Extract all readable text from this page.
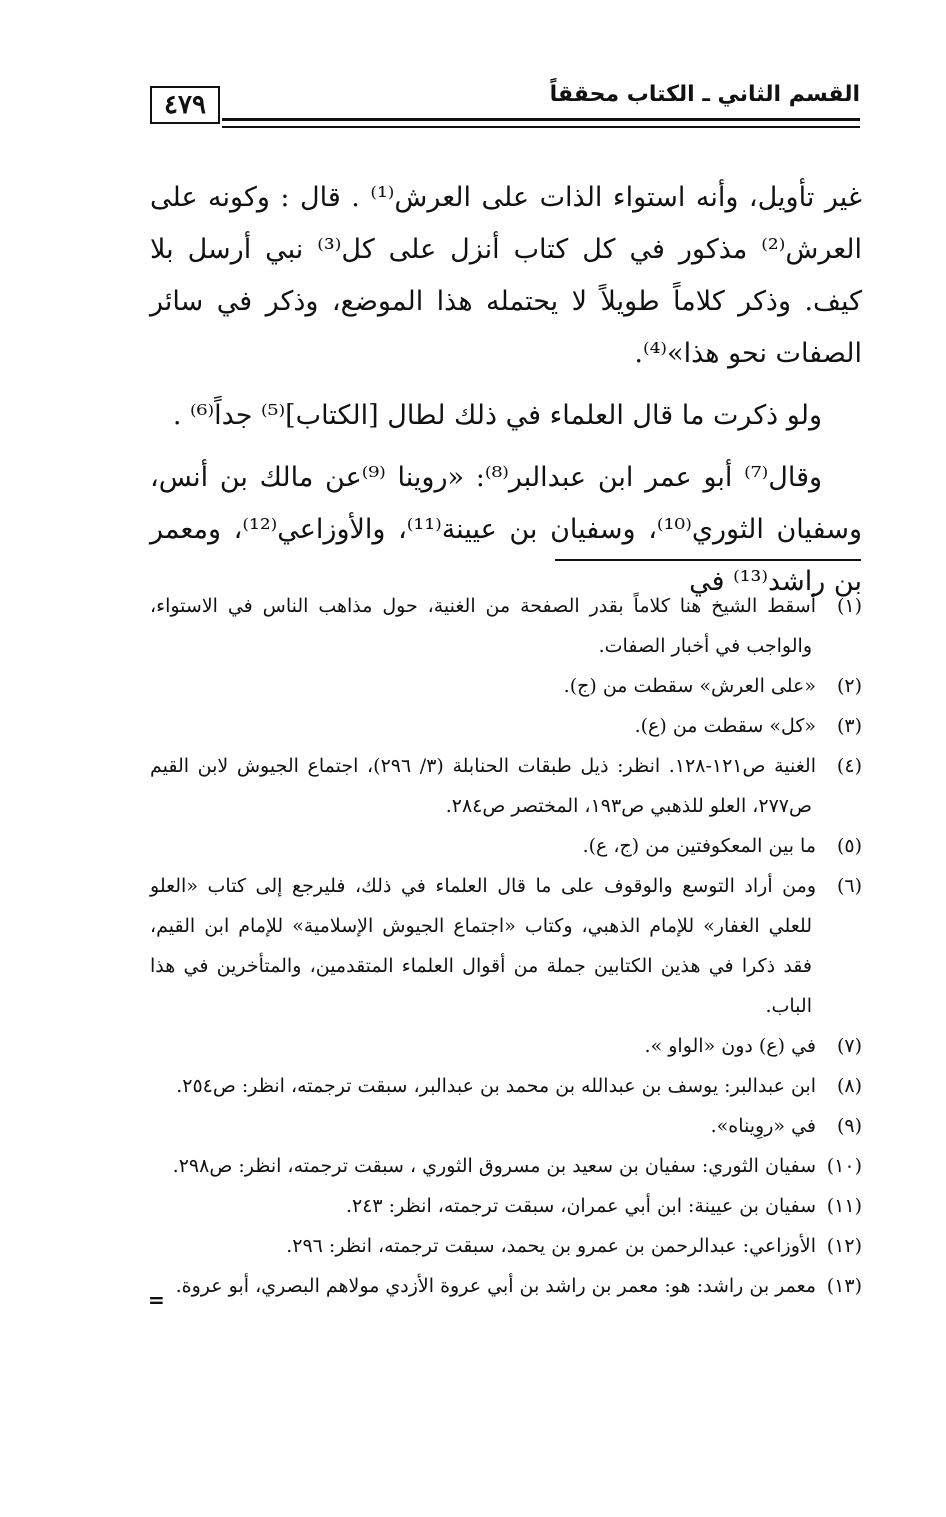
٤٧٩	القسم الثاني ـ الكتاب محققاً

غير تأويل، وأنه استواء الذات على العرش⁽¹⁾ . قال : وكونه على العرش⁽²⁾ مذكور في كل كتاب أنزل على كل⁽³⁾ نبي أرسل بلا كيف. وذكر كلاماً طويلاً لا يحتمله هذا الموضع، وذكر في سائر الصفات نحو هذا»⁽⁴⁾.

ولو ذكرت ما قال العلماء في ذلك لطال [الكتاب]⁽⁵⁾ جداً⁽⁶⁾ .

وقال⁽⁷⁾ أبو عمر ابن عبدالبر⁽⁸⁾: «روينا ⁽⁹⁾عن مالك بن أنس، وسفيان الثوري⁽¹⁰⁾، وسفيان بن عيينة⁽¹¹⁾، والأوزاعي⁽¹²⁾، ومعمر بن راشد⁽¹³⁾ في

(١)أسقط الشيخ هنا كلاماً بقدر الصفحة من الغنية، حول مذاهب الناس في الاستواء، والواجب في أخبار الصفات.

(٢)«على العرش» سقطت من (ج).

(٣)«كل» سقطت من (ع).

(٤)الغنية ص١٢١-١٢٨. انظر: ذيل طبقات الحنابلة (٣/ ٢٩٦)، اجتماع الجيوش لابن القيم ص٢٧٧، العلو للذهبي ص١٩٣، المختصر ص٢٨٤.

(٥)ما بين المعكوفتين من (ج، ع).

(٦)ومن أراد التوسع والوقوف على ما قال العلماء في ذلك، فليرجع إلى كتاب «العلو للعلي الغفار» للإمام الذهبي، وكتاب «اجتماع الجيوش الإسلامية» للإمام ابن القيم، فقد ذكرا في هذين الكتابين جملة من أقوال العلماء المتقدمين، والمتأخرين في هذا الباب.

(٧)في (ع) دون «الواو ».

(٨)ابن عبدالبر: يوسف بن عبدالله بن محمد بن عبدالبر، سبقت ترجمته، انظر: ص٢٥٤.

(٩)في «روِيناه».

(١٠)سفيان الثوري: سفيان بن سعيد بن مسروق الثوري ، سبقت ترجمته، انظر: ص٢٩٨.

(١١)سفيان بن عيينة: ابن أبي عمران، سبقت ترجمته، انظر: ٢٤٣.

(١٢)الأوزاعي: عبدالرحمن بن عمرو بن يحمد، سبقت ترجمته، انظر: ٢٩٦.

(١٣)معمر بن راشد: هو: معمر بن راشد بن أبي عروة الأزدي مولاهم البصري، أبو عروة.

=
